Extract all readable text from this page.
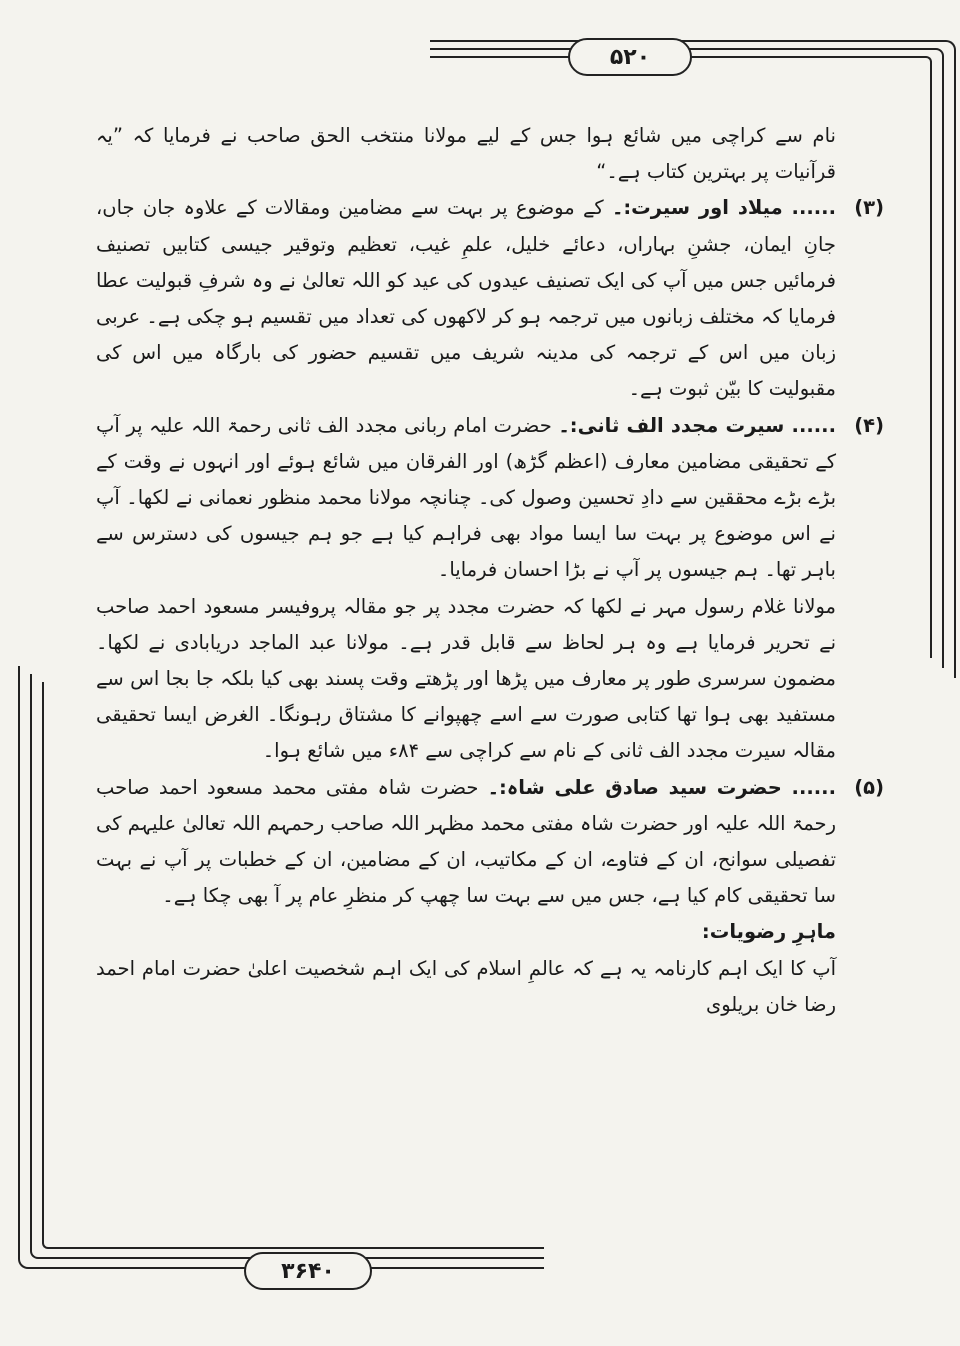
۵۲۰

نام سے کراچی میں شائع ہوا جس کے لیے مولانا منتخب الحق صاحب نے فرمایا کہ ”یہ قرآنیات پر بہترین کتاب ہے۔“

(۳)

...... میلاد اور سیرت:۔ کے موضوع پر بہت سے مضامین ومقالات کے علاوہ جان جاں، جانِ ایمان، جشنِ بہاراں، دعائے خلیل، علمِ غیب، تعظیم وتوقیر جیسی کتابیں تصنیف فرمائیں جس میں آپ کی ایک تصنیف عیدوں کی عید کو اللہ تعالیٰ نے وہ شرفِ قبولیت عطا فرمایا کہ مختلف زبانوں میں ترجمہ ہو کر لاکھوں کی تعداد میں تقسیم ہو چکی ہے۔ عربی زبان میں اس کے ترجمہ کی مدینہ شریف میں تقسیم حضور کی بارگاہ میں اس کی مقبولیت کا بیّن ثبوت ہے۔

(۴)

...... سیرت مجدد الف ثانی:۔ حضرت امام ربانی مجدد الف ثانی رحمۃ اللہ علیہ پر آپ کے تحقیقی مضامین معارف (اعظم گڑھ) اور الفرقان میں شائع ہوئے اور انہوں نے وقت کے بڑے بڑے محققین سے دادِ تحسین وصول کی۔ چنانچہ مولانا محمد منظور نعمانی نے لکھا۔ آپ نے اس موضوع پر بہت سا ایسا مواد بھی فراہم کیا ہے جو ہم جیسوں کی دسترس سے باہر تھا۔ ہم جیسوں پر آپ نے بڑا احسان فرمایا۔

مولانا غلام رسول مہر نے لکھا کہ حضرت مجدد پر جو مقالہ پروفیسر مسعود احمد صاحب نے تحریر فرمایا ہے وہ ہر لحاظ سے قابل قدر ہے۔ مولانا عبد الماجد دریابادی نے لکھا۔ مضمون سرسری طور پر معارف میں پڑھا اور پڑھتے وقت پسند بھی کیا بلکہ جا بجا اس سے مستفید بھی ہوا تھا کتابی صورت سے اسے چھپوانے کا مشتاق رہونگا۔ الغرض ایسا تحقیقی مقالہ سیرت مجدد الف ثانی کے نام سے کراچی سے ۸۴ء میں شائع ہوا۔

(۵)

...... حضرت سید صادق علی شاہ:۔ حضرت شاہ مفتی محمد مسعود احمد صاحب رحمۃ اللہ علیہ اور حضرت شاہ مفتی محمد مظہر اللہ صاحب رحمہم اللہ تعالیٰ علیہم کی تفصیلی سوانح، ان کے فتاوے، ان کے مکاتیب، ان کے مضامین، ان کے خطبات پر آپ نے بہت سا تحقیقی کام کیا ہے، جس میں سے بہت سا چھپ کر منظرِ عام پر آ بھی چکا ہے۔

ماہرِ رضویات:

آپ کا ایک اہم کارنامہ یہ ہے کہ عالمِ اسلام کی ایک اہم شخصیت اعلیٰ حضرت امام احمد رضا خان بریلوی

۳۶۴۰
